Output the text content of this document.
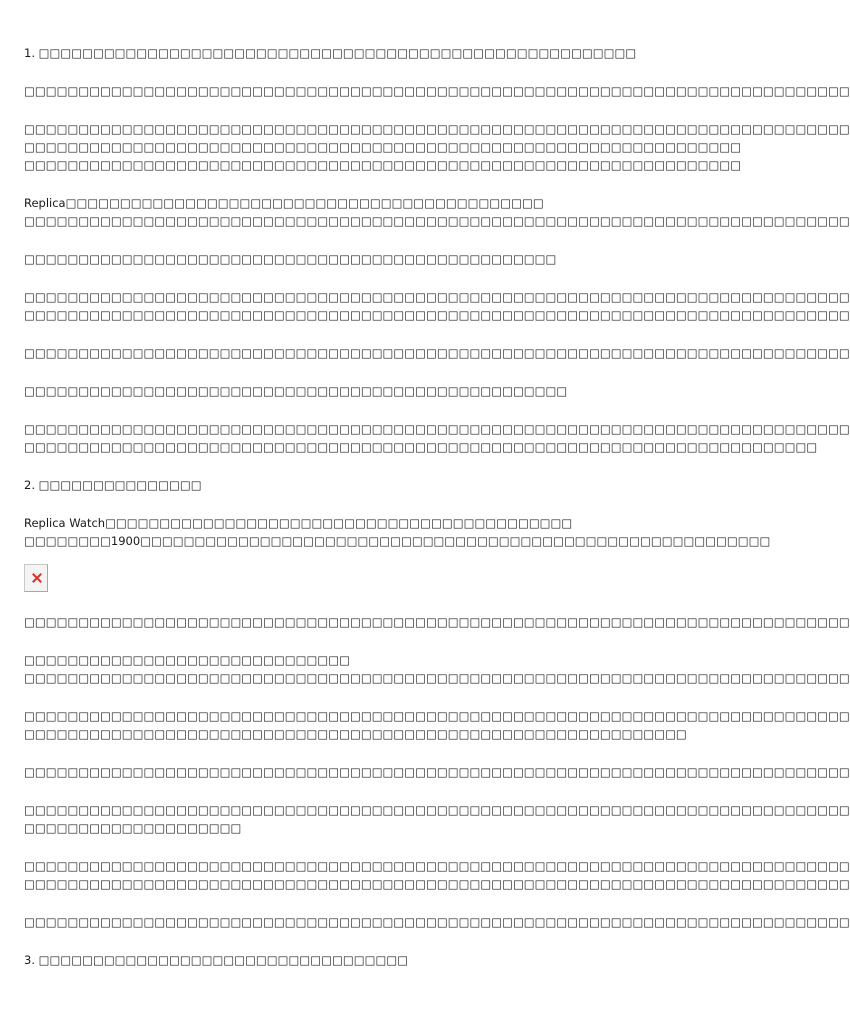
1. □□□□□□□□□□□□□□□□□□□□□□□□□□□□□□□□□□□□□□□□□□□□□□□□□□□□□□□

□□□□□□□□□□□□□□□□□□□□□□□□□□□□□□□□□□□□□□□□□□□□□□□□□□□□□□□□□□□□□□□□□□□□□□□□□□□□

□□□□□□□□□□□□□□□□□□□□□□□□□□□□□□□□□□□□□□□□□□□□□□□□□□□□□□□□□□□□□□□□□□□□□□□□□□□□
□□□□□□□□□□□□□□□□□□□□□□□□□□□□□□□□□□□□□□□□□□□□□□□□□□□□□□□□□□□□□□□□□□
□□□□□□□□□□□□□□□□□□□□□□□□□□□□□□□□□□□□□□□□□□□□□□□□□□□□□□□□□□□□□□□□□□

Replica□□□□□□□□□□□□□□□□□□□□□□□□□□□□□□□□□□□□□□□□□□□□
□□□□□□□□□□□□□□□□□□□□□□□□□□□□□□□□□□□□□□□□□□□□□□□□□□□□□□□□□□□□□□□□□□□□□□□□□□□□

□□□□□□□□□□□□□□□□□□□□□□□□□□□□□□□□□□□□□□□□□□□□□□□□□

□□□□□□□□□□□□□□□□□□□□□□□□□□□□□□□□□□□□□□□□□□□□□□□□□□□□□□□□□□□□□□□□□□□□□□□□□□□□
□□□□□□□□□□□□□□□□□□□□□□□□□□□□□□□□□□□□□□□□□□□□□□□□□□□□□□□□□□□□□□□□□□□□□□□□□□□□

□□□□□□□□□□□□□□□□□□□□□□□□□□□□□□□□□□□□□□□□□□□□□□□□□□□□□□□□□□□□□□□□□□□□□□□□□□□□

□□□□□□□□□□□□□□□□□□□□□□□□□□□□□□□□□□□□□□□□□□□□□□□□□□

□□□□□□□□□□□□□□□□□□□□□□□□□□□□□□□□□□□□□□□□□□□□□□□□□□□□□□□□□□□□□□□□□□□□□□□□□□□□
□□□□□□□□□□□□□□□□□□□□□□□□□□□□□□□□□□□□□□□□□□□□□□□□□□□□□□□□□□□□□□□□□□□□□□□□□

2. □□□□□□□□□□□□□□□

Replica Watch□□□□□□□□□□□□□□□□□□□□□□□□□□□□□□□□□□□□□□□□□□□
□□□□□□□□1900□□□□□□□□□□□□□□□□□□□□□□□□□□□□□□□□□□□□□□□□□□□□□□□□□□□□□□□□□□

□□□□□□□□□□□□□□□□□□□□□□□□□□□□□□□□□□□□□□□□□□□□□□□□□□□□□□□□□□□□□□□□□□□□□□□□□□□□

□□□□□□□□□□□□□□□□□□□□□□□□□□□□□□
□□□□□□□□□□□□□□□□□□□□□□□□□□□□□□□□□□□□□□□□□□□□□□□□□□□□□□□□□□□□□□□□□□□□□□□□□□□□

□□□□□□□□□□□□□□□□□□□□□□□□□□□□□□□□□□□□□□□□□□□□□□□□□□□□□□□□□□□□□□□□□□□□□□□□□□□□
□□□□□□□□□□□□□□□□□□□□□□□□□□□□□□□□□□□□□□□□□□□□□□□□□□□□□□□□□□□□□

□□□□□□□□□□□□□□□□□□□□□□□□□□□□□□□□□□□□□□□□□□□□□□□□□□□□□□□□□□□□□□□□□□□□□□□□□□□□

□□□□□□□□□□□□□□□□□□□□□□□□□□□□□□□□□□□□□□□□□□□□□□□□□□□□□□□□□□□□□□□□□□□□□□□□□□□□
□□□□□□□□□□□□□□□□□□□□

□□□□□□□□□□□□□□□□□□□□□□□□□□□□□□□□□□□□□□□□□□□□□□□□□□□□□□□□□□□□□□□□□□□□□□□□□□□□
□□□□□□□□□□□□□□□□□□□□□□□□□□□□□□□□□□□□□□□□□□□□□□□□□□□□□□□□□□□□□□□□□□□□□□□□□□□□

□□□□□□□□□□□□□□□□□□□□□□□□□□□□□□□□□□□□□□□□□□□□□□□□□□□□□□□□□□□□□□□□□□□□□□□□□□□□

3. □□□□□□□□□□□□□□□□□□□□□□□□□□□□□□□□□□
